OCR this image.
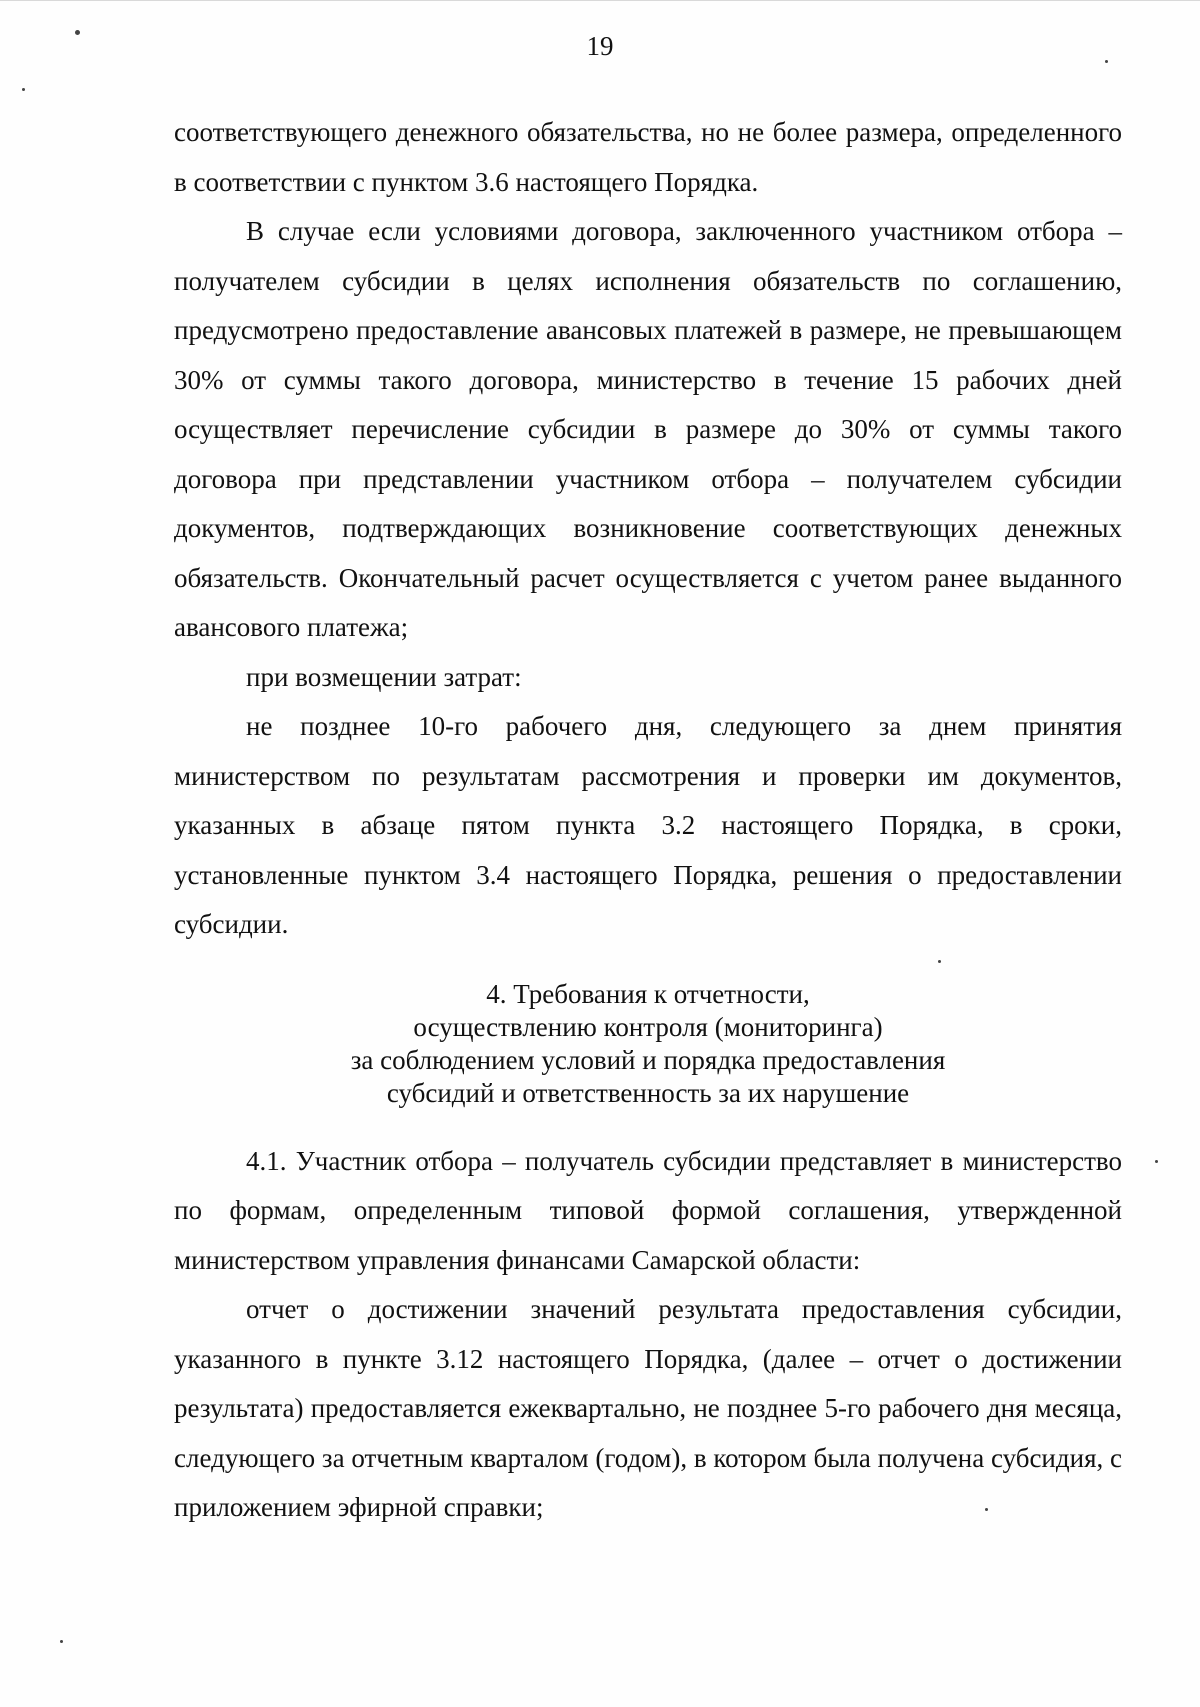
19

соответствующего денежного обязательства, но не более размера, определенного в соответствии с пунктом 3.6 настоящего Порядка.

В случае если условиями договора, заключенного участником отбора – получателем субсидии в целях исполнения обязательств по соглашению, предусмотрено предоставление авансовых платежей в размере, не превышающем 30% от суммы такого договора, министерство в течение 15 рабочих дней осуществляет перечисление субсидии в размере до 30% от суммы такого договора при представлении участником отбора – получателем субсидии документов, подтверждающих возникновение соответствующих денежных обязательств. Окончательный расчет осуществляется с учетом ранее выданного авансового платежа;

при возмещении затрат:

не позднее 10-го рабочего дня, следующего за днем принятия министерством по результатам рассмотрения и проверки им документов, указанных в абзаце пятом пункта 3.2 настоящего Порядка, в сроки, установленные пунктом 3.4 настоящего Порядка, решения о предоставлении субсидии.

4. Требования к отчетности,
осуществлению контроля (мониторинга)
за соблюдением условий и порядка предоставления
субсидий и ответственность за их нарушение

4.1. Участник отбора – получатель субсидии представляет в министерство по формам, определенным типовой формой соглашения, утвержденной министерством управления финансами Самарской области:

отчет о достижении значений результата предоставления субсидии, указанного в пункте 3.12 настоящего Порядка, (далее – отчет о достижении результата) предоставляется ежеквартально, не позднее 5-го рабочего дня месяца, следующего за отчетным кварталом (годом), в котором была получена субсидия, с приложением эфирной справки;
